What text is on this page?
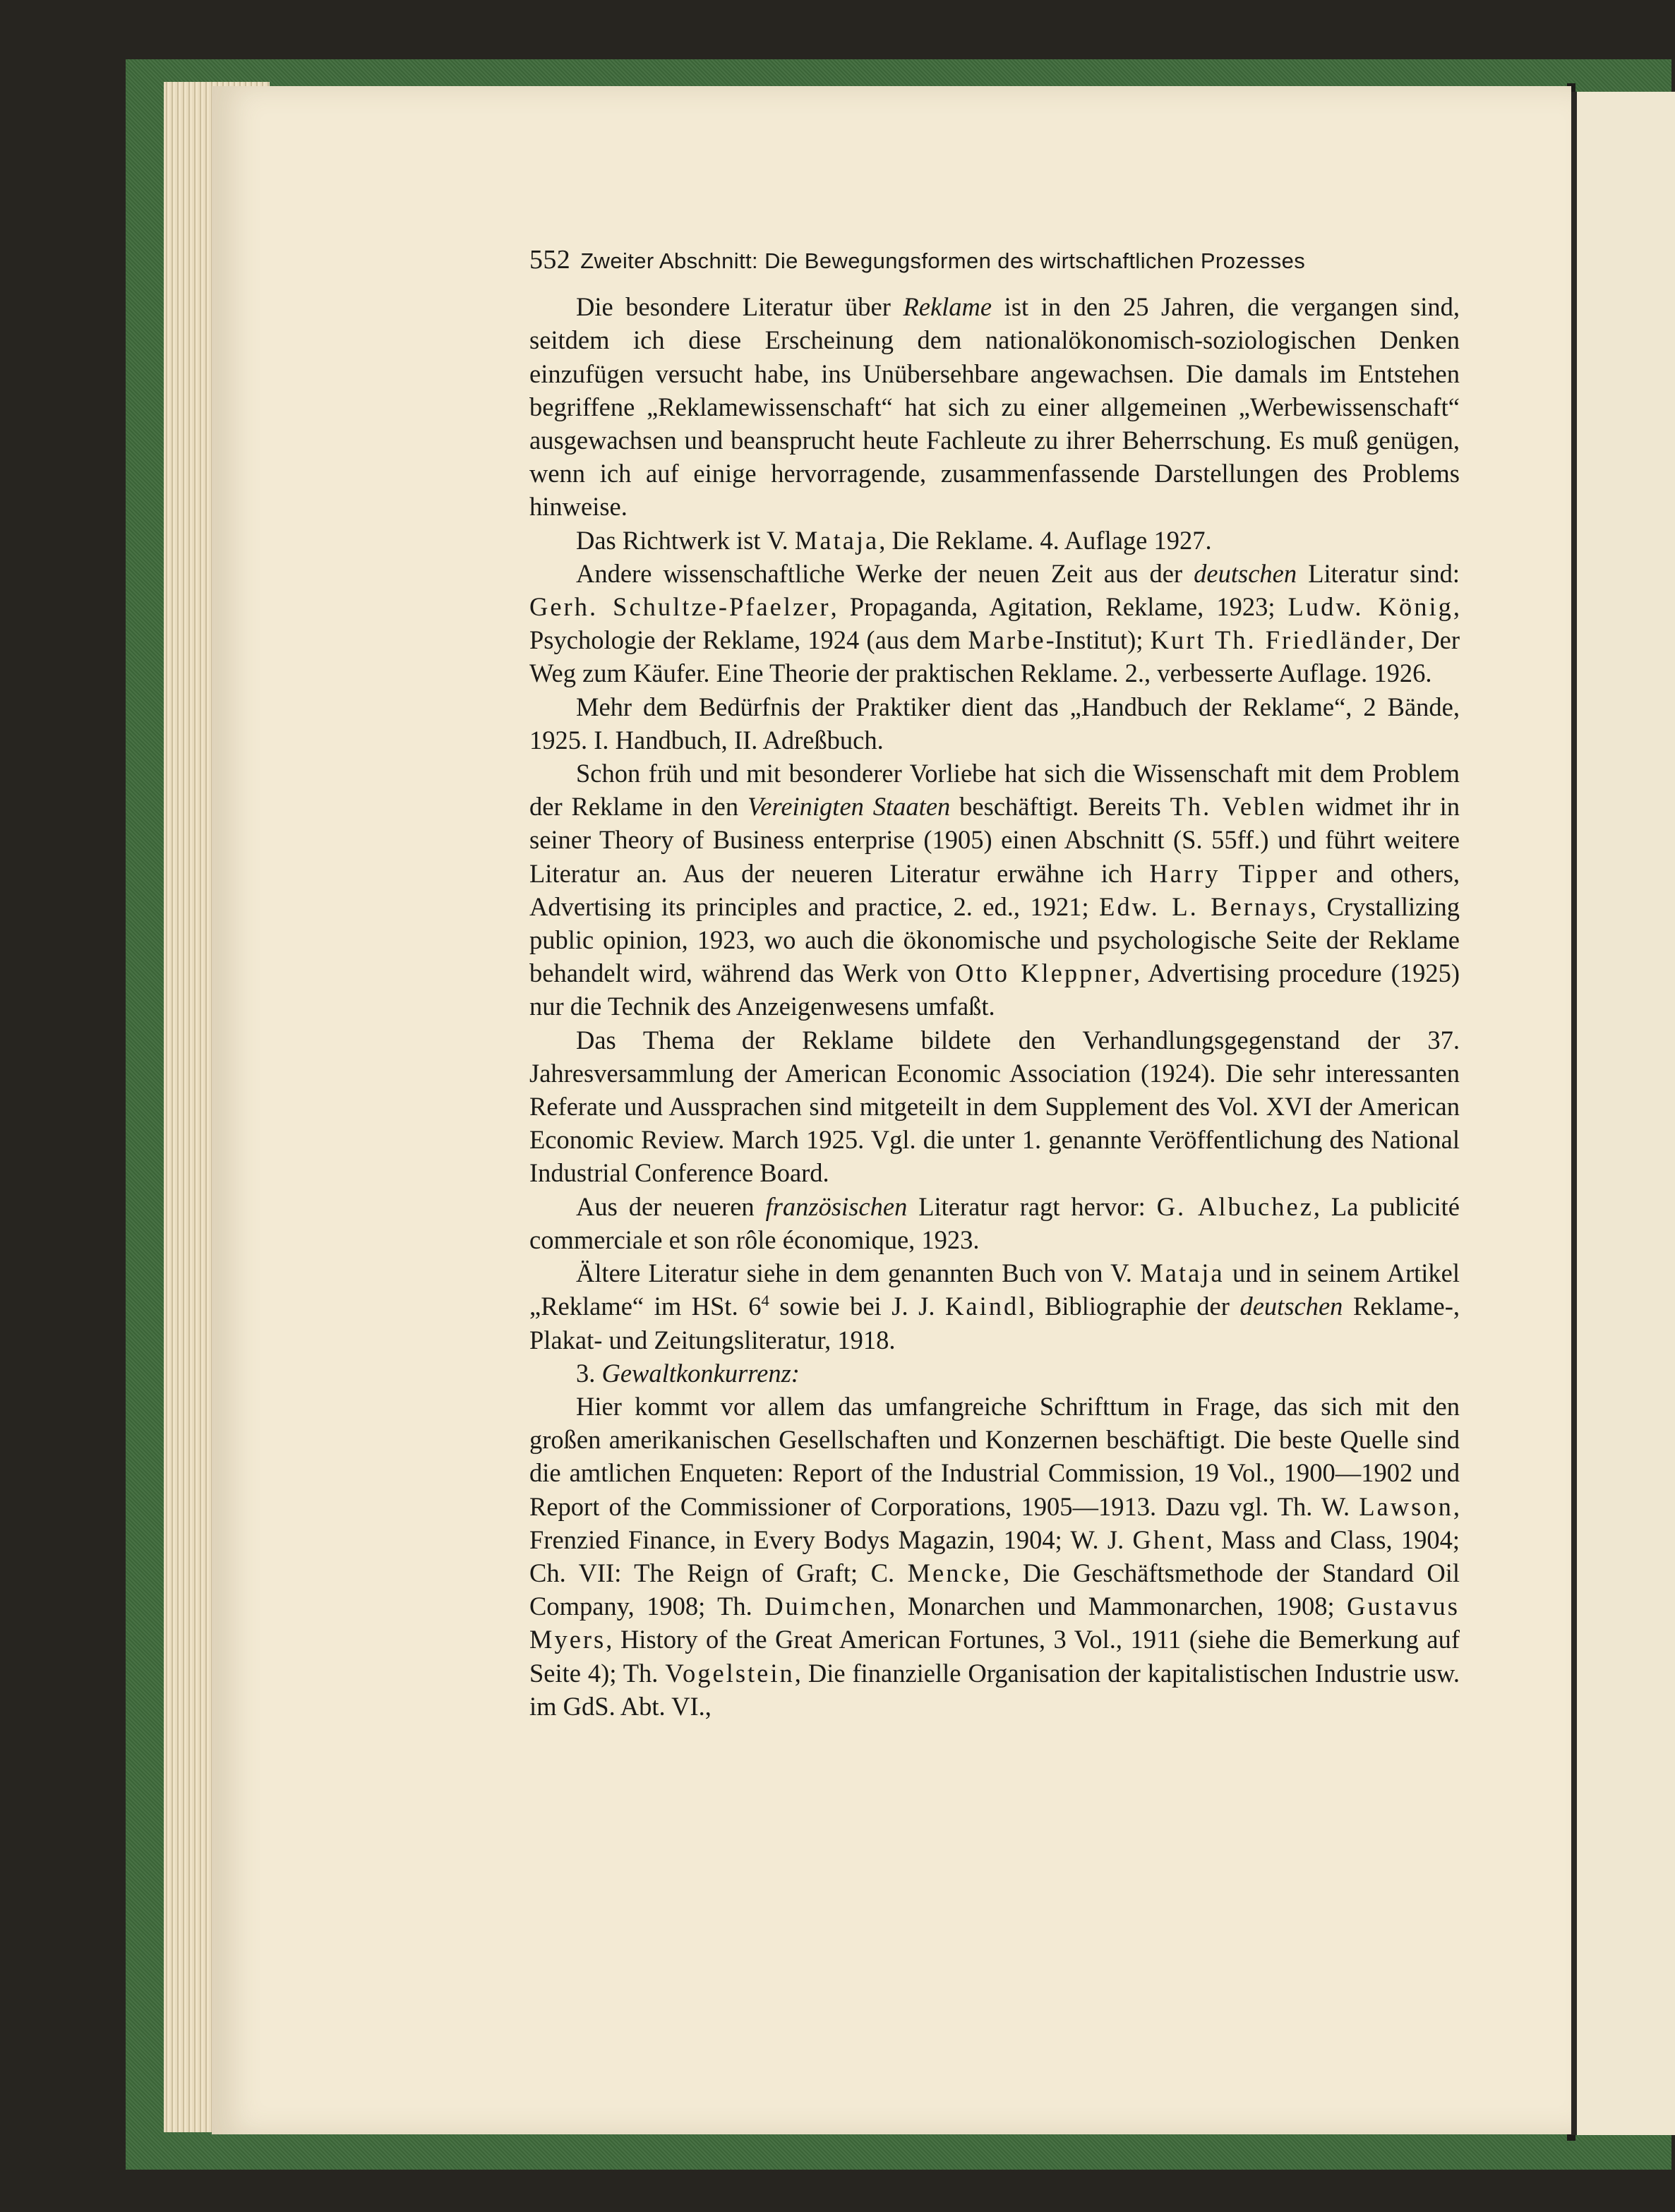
552 Zweiter Abschnitt: Die Bewegungsformen des wirtschaftlichen Prozesses

Die besondere Literatur über Reklame ist in den 25 Jahren, die vergangen sind, seitdem ich diese Erscheinung dem nationalökonomisch-soziologischen Denken einzufügen versucht habe, ins Unübersehbare angewachsen. Die damals im Entstehen begriffene „Reklamewissenschaft“ hat sich zu einer allgemeinen „Werbewissenschaft“ ausgewachsen und beansprucht heute Fachleute zu ihrer Beherrschung. Es muß genügen, wenn ich auf einige hervorragende, zusammenfassende Darstellungen des Problems hinweise.

Das Richtwerk ist V. Mataja, Die Reklame. 4. Auflage 1927.

Andere wissenschaftliche Werke der neuen Zeit aus der deutschen Literatur sind: Gerh. Schultze-Pfaelzer, Propaganda, Agitation, Reklame, 1923; Ludw. König, Psychologie der Reklame, 1924 (aus dem Marbe-Institut); Kurt Th. Friedländer, Der Weg zum Käufer. Eine Theorie der praktischen Reklame. 2., verbesserte Auflage. 1926.

Mehr dem Bedürfnis der Praktiker dient das „Handbuch der Reklame“, 2 Bände, 1925. I. Handbuch, II. Adreßbuch.

Schon früh und mit besonderer Vorliebe hat sich die Wissenschaft mit dem Problem der Reklame in den Vereinigten Staaten beschäftigt. Bereits Th. Veblen widmet ihr in seiner Theory of Business enterprise (1905) einen Abschnitt (S. 55ff.) und führt weitere Literatur an. Aus der neueren Literatur erwähne ich Harry Tipper and others, Advertising its principles and practice, 2. ed., 1921; Edw. L. Bernays, Crystallizing public opinion, 1923, wo auch die ökonomische und psychologische Seite der Reklame behandelt wird, während das Werk von Otto Kleppner, Advertising procedure (1925) nur die Technik des Anzeigenwesens umfaßt.

Das Thema der Reklame bildete den Verhandlungsgegenstand der 37. Jahresversammlung der American Economic Association (1924). Die sehr interessanten Referate und Aussprachen sind mitgeteilt in dem Supplement des Vol. XVI der American Economic Review. March 1925. Vgl. die unter 1. genannte Veröffentlichung des National Industrial Conference Board.

Aus der neueren französischen Literatur ragt hervor: G. Albuchez, La publicité commerciale et son rôle économique, 1923.

Ältere Literatur siehe in dem genannten Buch von V. Mataja und in seinem Artikel „Reklame“ im HSt. $6^4$ sowie bei J. J. Kaindl, Bibliographie der deutschen Reklame-, Plakat- und Zeitungsliteratur, 1918.

3. Gewaltkonkurrenz:

Hier kommt vor allem das umfangreiche Schrifttum in Frage, das sich mit den großen amerikanischen Gesellschaften und Konzernen beschäftigt. Die beste Quelle sind die amtlichen Enqueten: Report of the Industrial Commission, 19 Vol., 1900—1902 und Report of the Commissioner of Corporations, 1905—1913. Dazu vgl. Th. W. Lawson, Frenzied Finance, in Every Bodys Magazin, 1904; W. J. Ghent, Mass and Class, 1904; Ch. VII: The Reign of Graft; C. Mencke, Die Geschäftsmethode der Standard Oil Company, 1908; Th. Duimchen, Monarchen und Mammonarchen, 1908; Gustavus Myers, History of the Great American Fortunes, 3 Vol., 1911 (siehe die Bemerkung auf Seite 4); Th. Vogelstein, Die finanzielle Organisation der kapitalistischen Industrie usw. im GdS. Abt. VI.,
